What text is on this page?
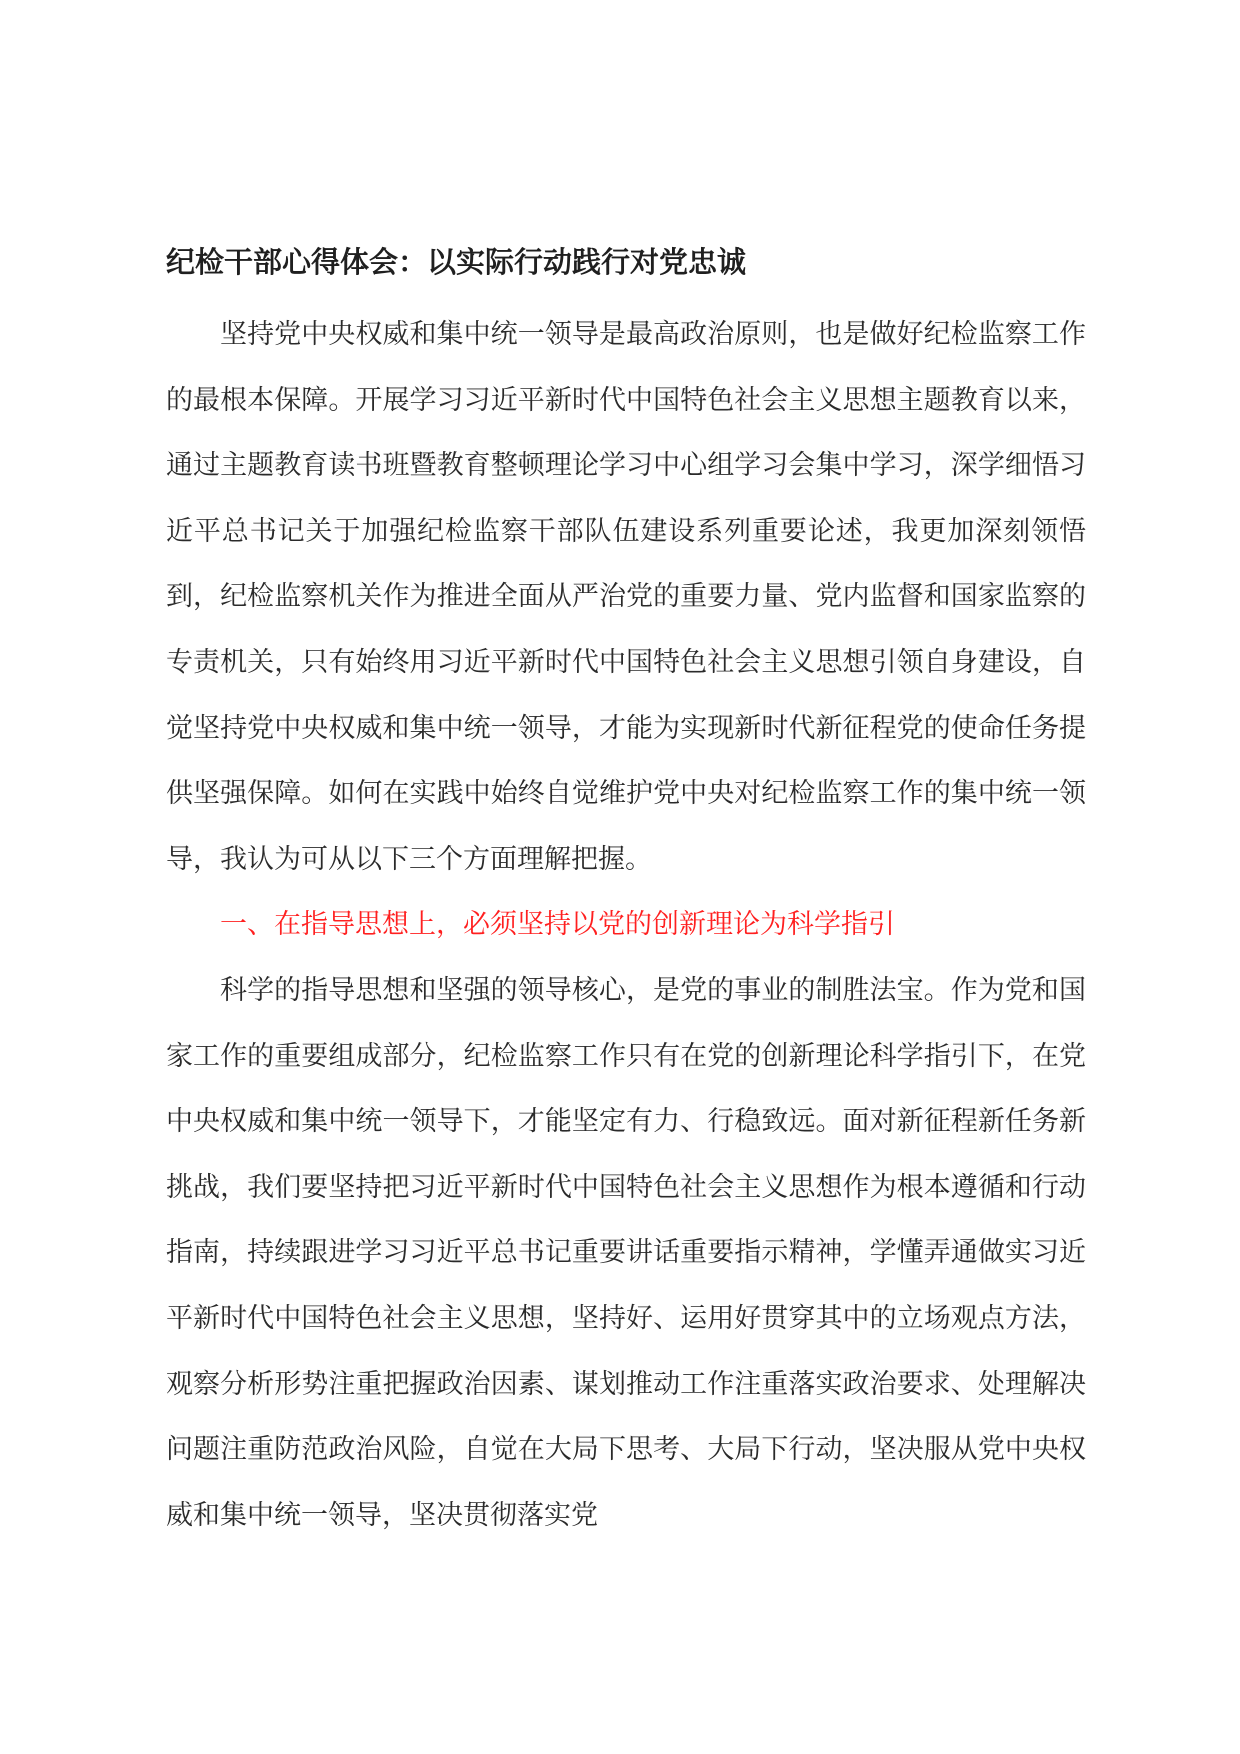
纪检干部心得体会：以实际行动践行对党忠诚

坚持党中央权威和集中统一领导是最高政治原则，也是做好纪检监察工作的最根本保障。开展学习习近平新时代中国特色社会主义思想主题教育以来，通过主题教育读书班暨教育整顿理论学习中心组学习会集中学习，深学细悟习近平总书记关于加强纪检监察干部队伍建设系列重要论述，我更加深刻领悟到，纪检监察机关作为推进全面从严治党的重要力量、党内监督和国家监察的专责机关，只有始终用习近平新时代中国特色社会主义思想引领自身建设，自觉坚持党中央权威和集中统一领导，才能为实现新时代新征程党的使命任务提供坚强保障。如何在实践中始终自觉维护党中央对纪检监察工作的集中统一领导，我认为可从以下三个方面理解把握。

一、在指导思想上，必须坚持以党的创新理论为科学指引

科学的指导思想和坚强的领导核心，是党的事业的制胜法宝。作为党和国家工作的重要组成部分，纪检监察工作只有在党的创新理论科学指引下，在党中央权威和集中统一领导下，才能坚定有力、行稳致远。面对新征程新任务新挑战，我们要坚持把习近平新时代中国特色社会主义思想作为根本遵循和行动指南，持续跟进学习习近平总书记重要讲话重要指示精神，学懂弄通做实习近平新时代中国特色社会主义思想，坚持好、运用好贯穿其中的立场观点方法，观察分析形势注重把握政治因素、谋划推动工作注重落实政治要求、处理解决问题注重防范政治风险，自觉在大局下思考、大局下行动，坚决服从党中央权威和集中统一领导，坚决贯彻落实党
